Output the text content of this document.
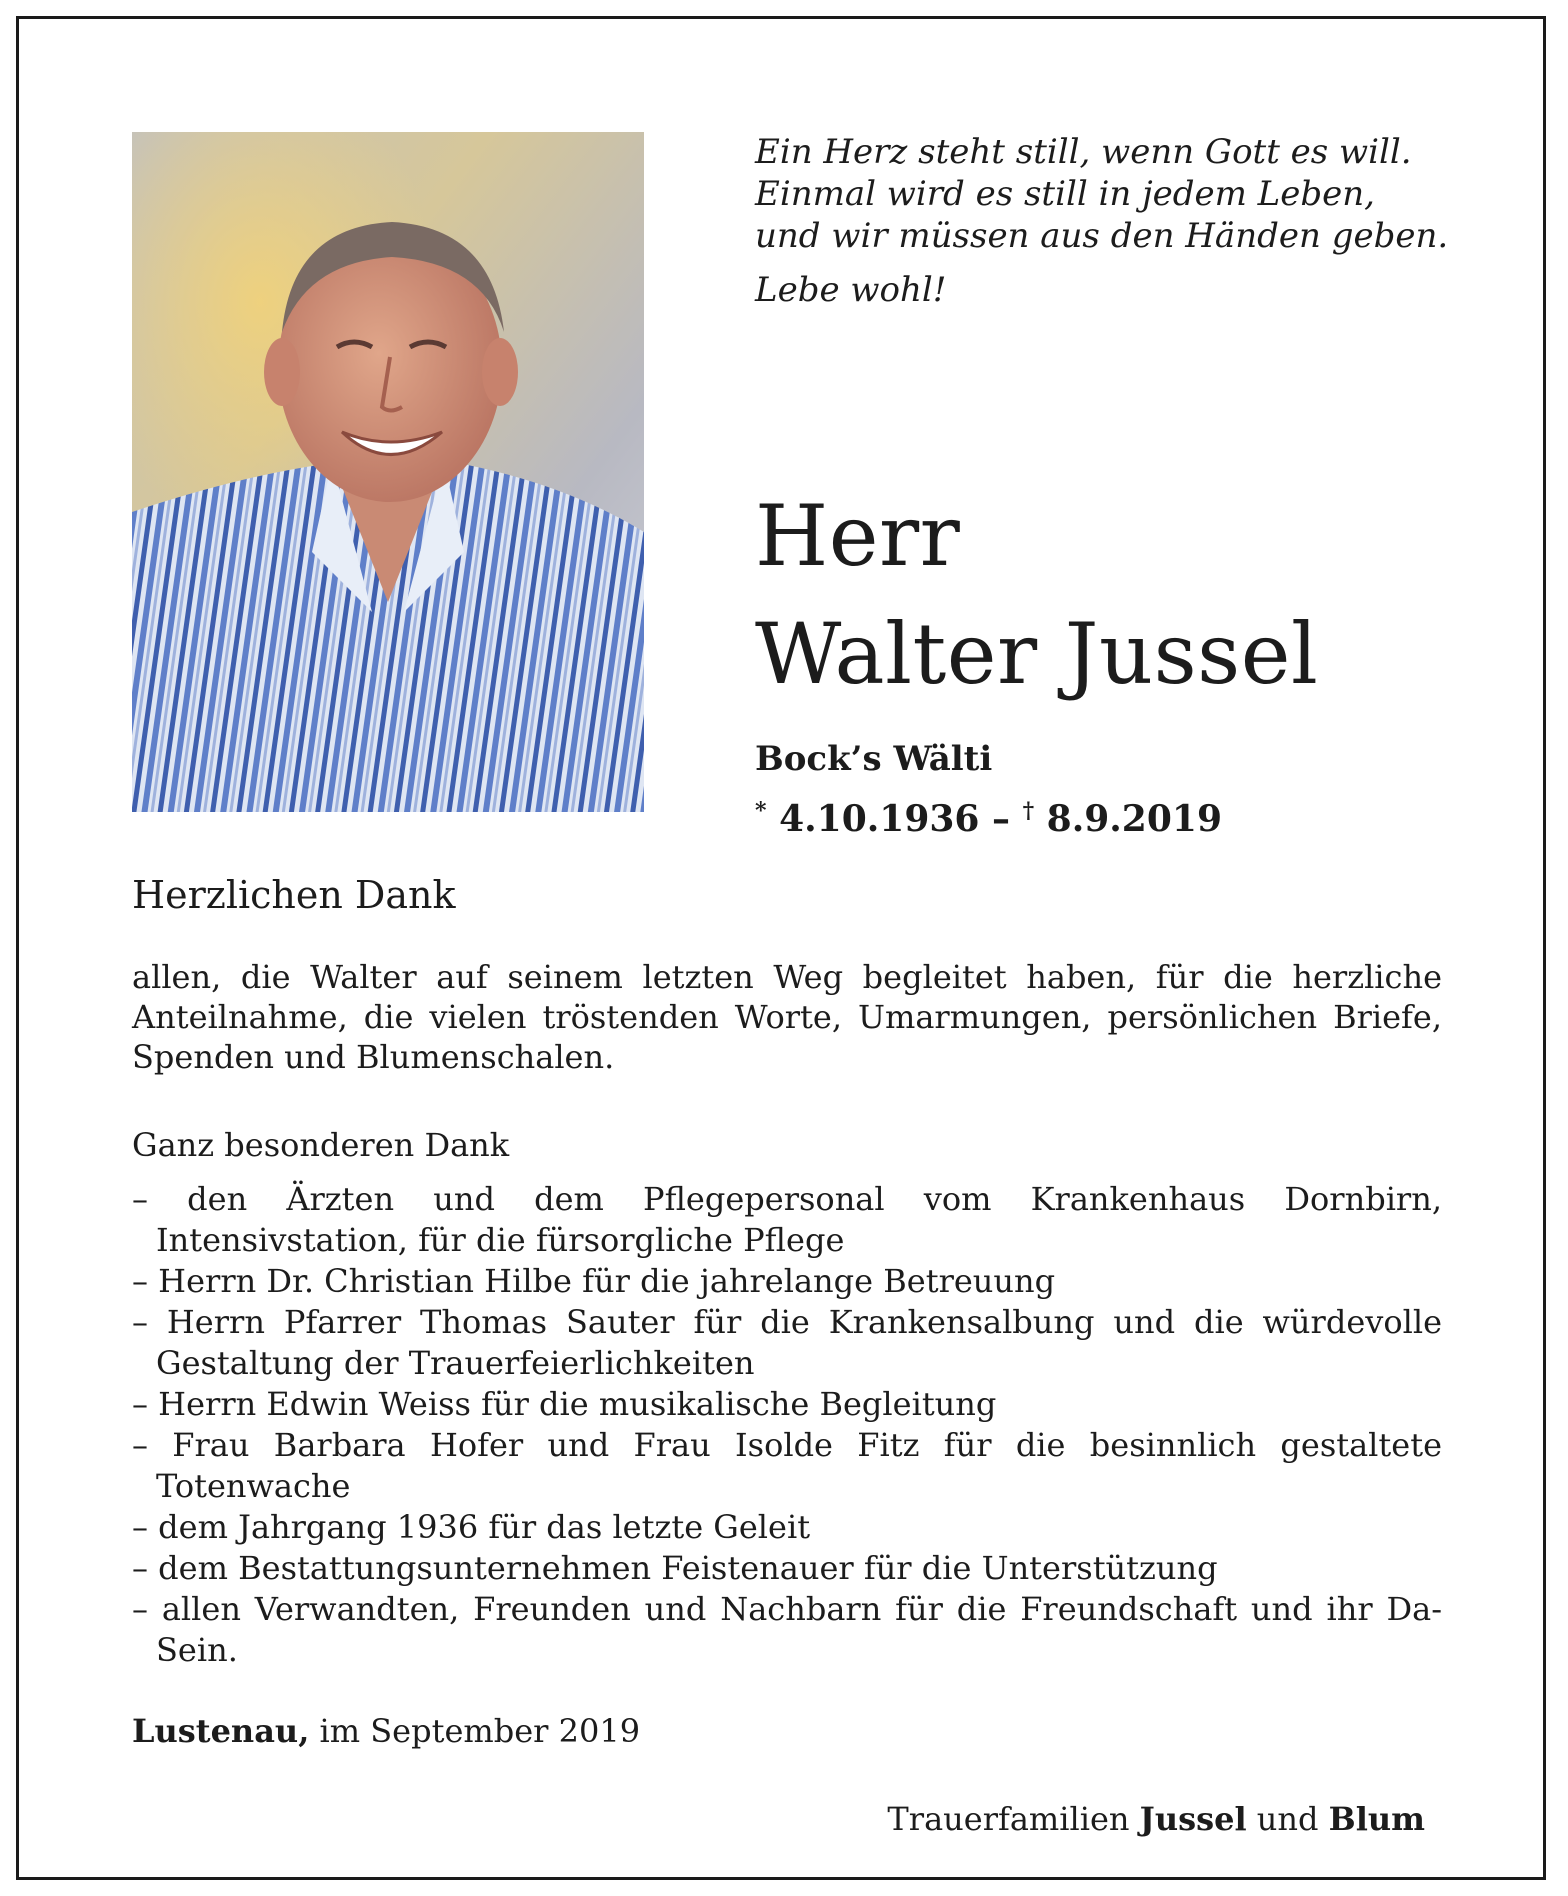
Ein Herz steht still, wenn Gott es will.
Einmal wird es still in jedem Leben,
und wir müssen aus den Händen geben.
Lebe wohl!
Herr
Walter Jussel
Bock’s Wälti
* 4.10.1936 – † 8.9.2019
Herzlichen Dank
allen, die Walter auf seinem letzten Weg begleitet haben, für die herzliche Anteilnahme, die vielen tröstenden Worte, Umarmungen, persönlichen Briefe, Spenden und Blumenschalen.
Ganz besonderen Dank
– den Ärzten und dem Pflegepersonal vom Krankenhaus Dornbirn, Intensivstation, für die fürsorgliche Pflege
– Herrn Dr. Christian Hilbe für die jahrelange Betreuung
– Herrn Pfarrer Thomas Sauter für die Krankensalbung und die würdevolle Gestaltung der Trauerfeierlichkeiten
– Herrn Edwin Weiss für die musikalische Begleitung
– Frau Barbara Hofer und Frau Isolde Fitz für die besinnlich gestaltete Totenwache
– dem Jahrgang 1936 für das letzte Geleit
– dem Bestattungsunternehmen Feistenauer für die Unterstützung
– allen Verwandten, Freunden und Nachbarn für die Freundschaft und ihr Da-Sein.
Lustenau, im September 2019
Trauerfamilien Jussel und Blum
